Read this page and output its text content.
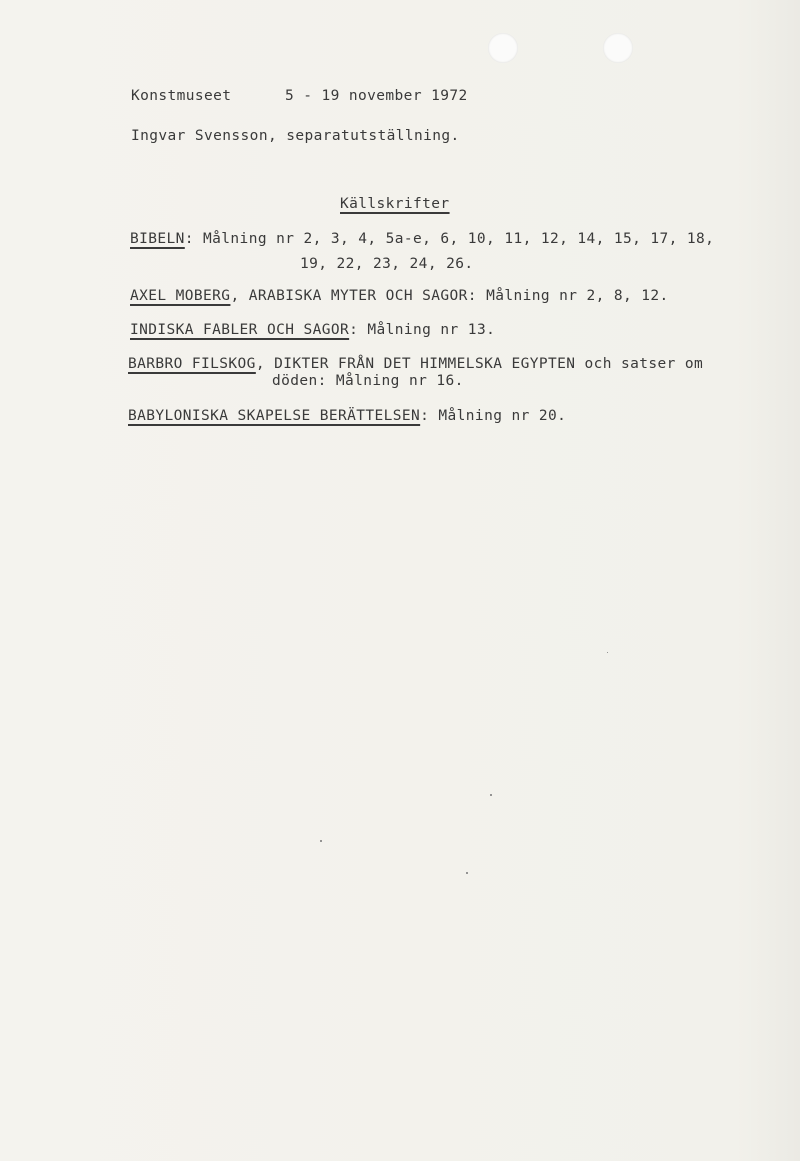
Konstmuseet	5 - 19 november 1972
Ingvar Svensson, separatutställning.
Källskrifter
BIBELN: Målning nr 2, 3, 4, 5a-e, 6, 10, 11, 12, 14, 15, 17, 18,
19, 22, 23, 24, 26.
AXEL MOBERG, ARABISKA MYTER OCH SAGOR: Målning nr 2, 8, 12.
INDISKA FABLER OCH SAGOR: Målning nr 13.
BARBRO FILSKOG, DIKTER FRÅN DET HIMMELSKA EGYPTEN och satser om
döden: Målning nr 16.
BABYLONISKA SKAPELSE BERÄTTELSEN: Målning nr 20.
